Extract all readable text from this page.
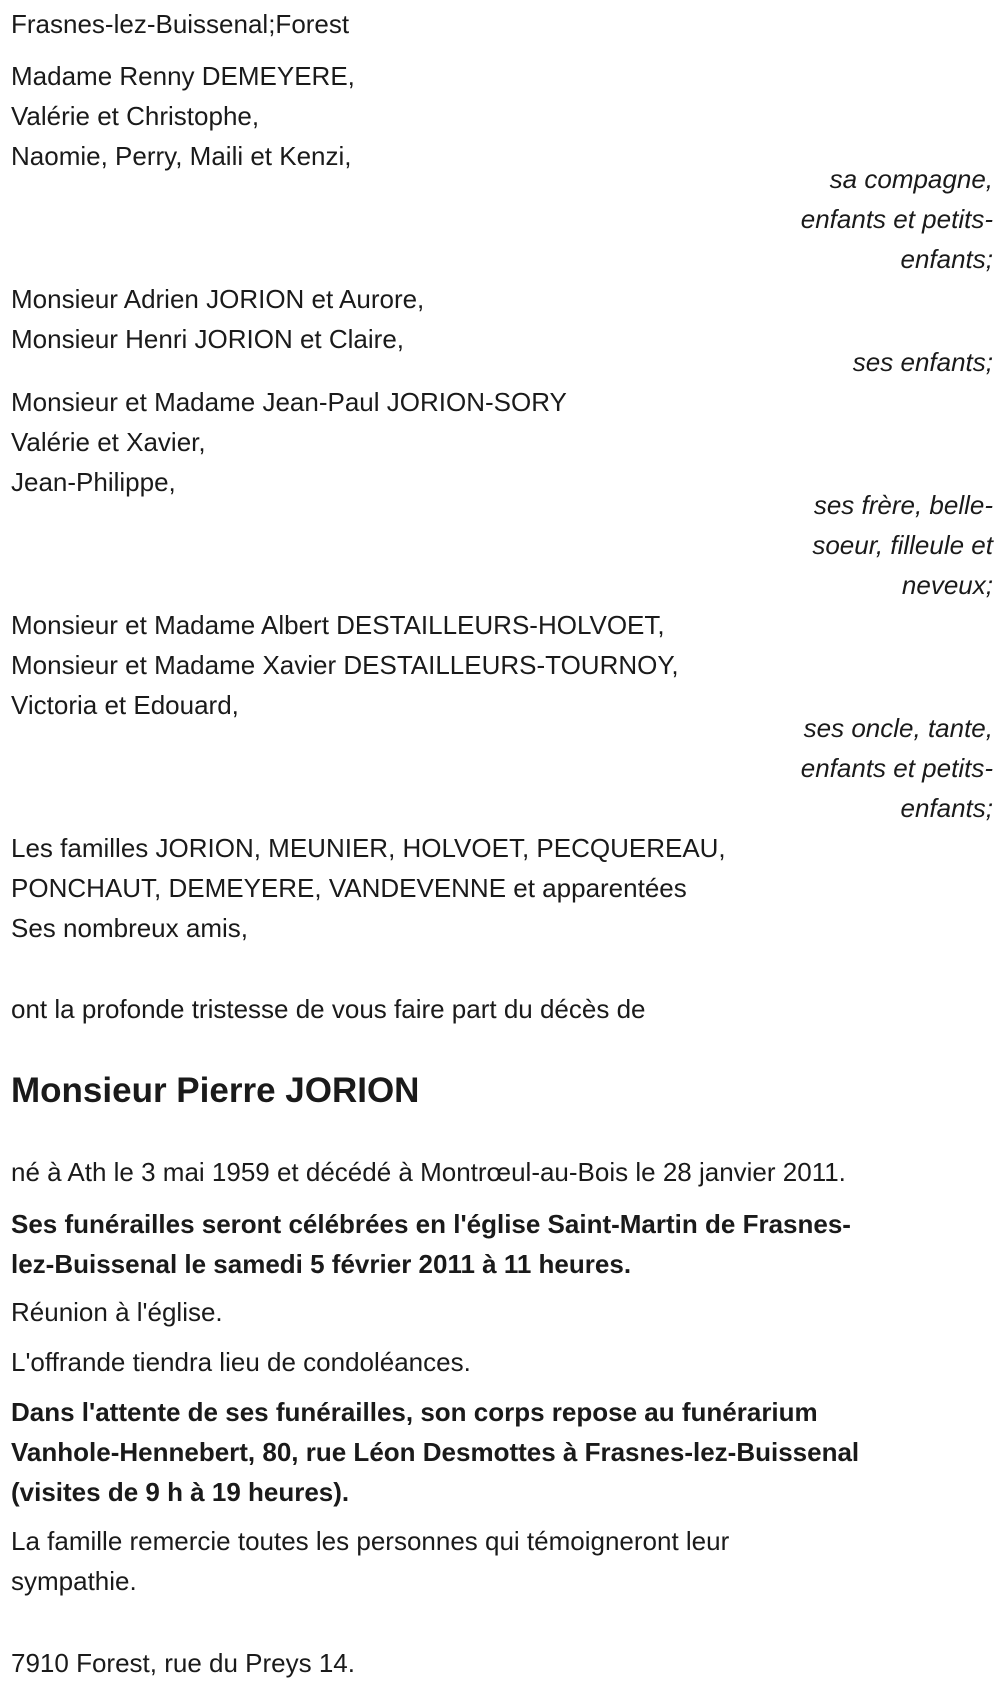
Frasnes-lez-Buissenal;Forest
Madame Renny DEMEYERE,
Valérie et Christophe,
Naomie, Perry, Maili et Kenzi,
sa compagne,
enfants et petits-
enfants;
Monsieur Adrien JORION et Aurore,
Monsieur Henri JORION et Claire,
ses enfants;
Monsieur et Madame Jean-Paul JORION-SORY
Valérie et Xavier,
Jean-Philippe,
ses frère, belle-
soeur, filleule et
neveux;
Monsieur et Madame Albert DESTAILLEURS-HOLVOET,
Monsieur et Madame Xavier DESTAILLEURS-TOURNOY,
Victoria et Edouard,
ses oncle, tante,
enfants et petits-
enfants;
Les familles JORION, MEUNIER, HOLVOET, PECQUEREAU,
PONCHAUT, DEMEYERE, VANDEVENNE et apparentées
Ses nombreux amis,
ont la profonde tristesse de vous faire part du décès de
Monsieur Pierre JORION
né à Ath le 3 mai 1959 et décédé à Montrœul-au-Bois le 28 janvier 2011.
Ses funérailles seront célébrées en l'église Saint-Martin de Frasnes-
lez-Buissenal le samedi 5 février 2011 à 11 heures.
Réunion à l'église.
L'offrande tiendra lieu de condoléances.
Dans l'attente de ses funérailles, son corps repose au funérarium
Vanhole-Hennebert, 80, rue Léon Desmottes à Frasnes-lez-Buissenal
(visites de 9 h à 19 heures).
La famille remercie toutes les personnes qui témoigneront leur
sympathie.
7910 Forest, rue du Preys 14.
